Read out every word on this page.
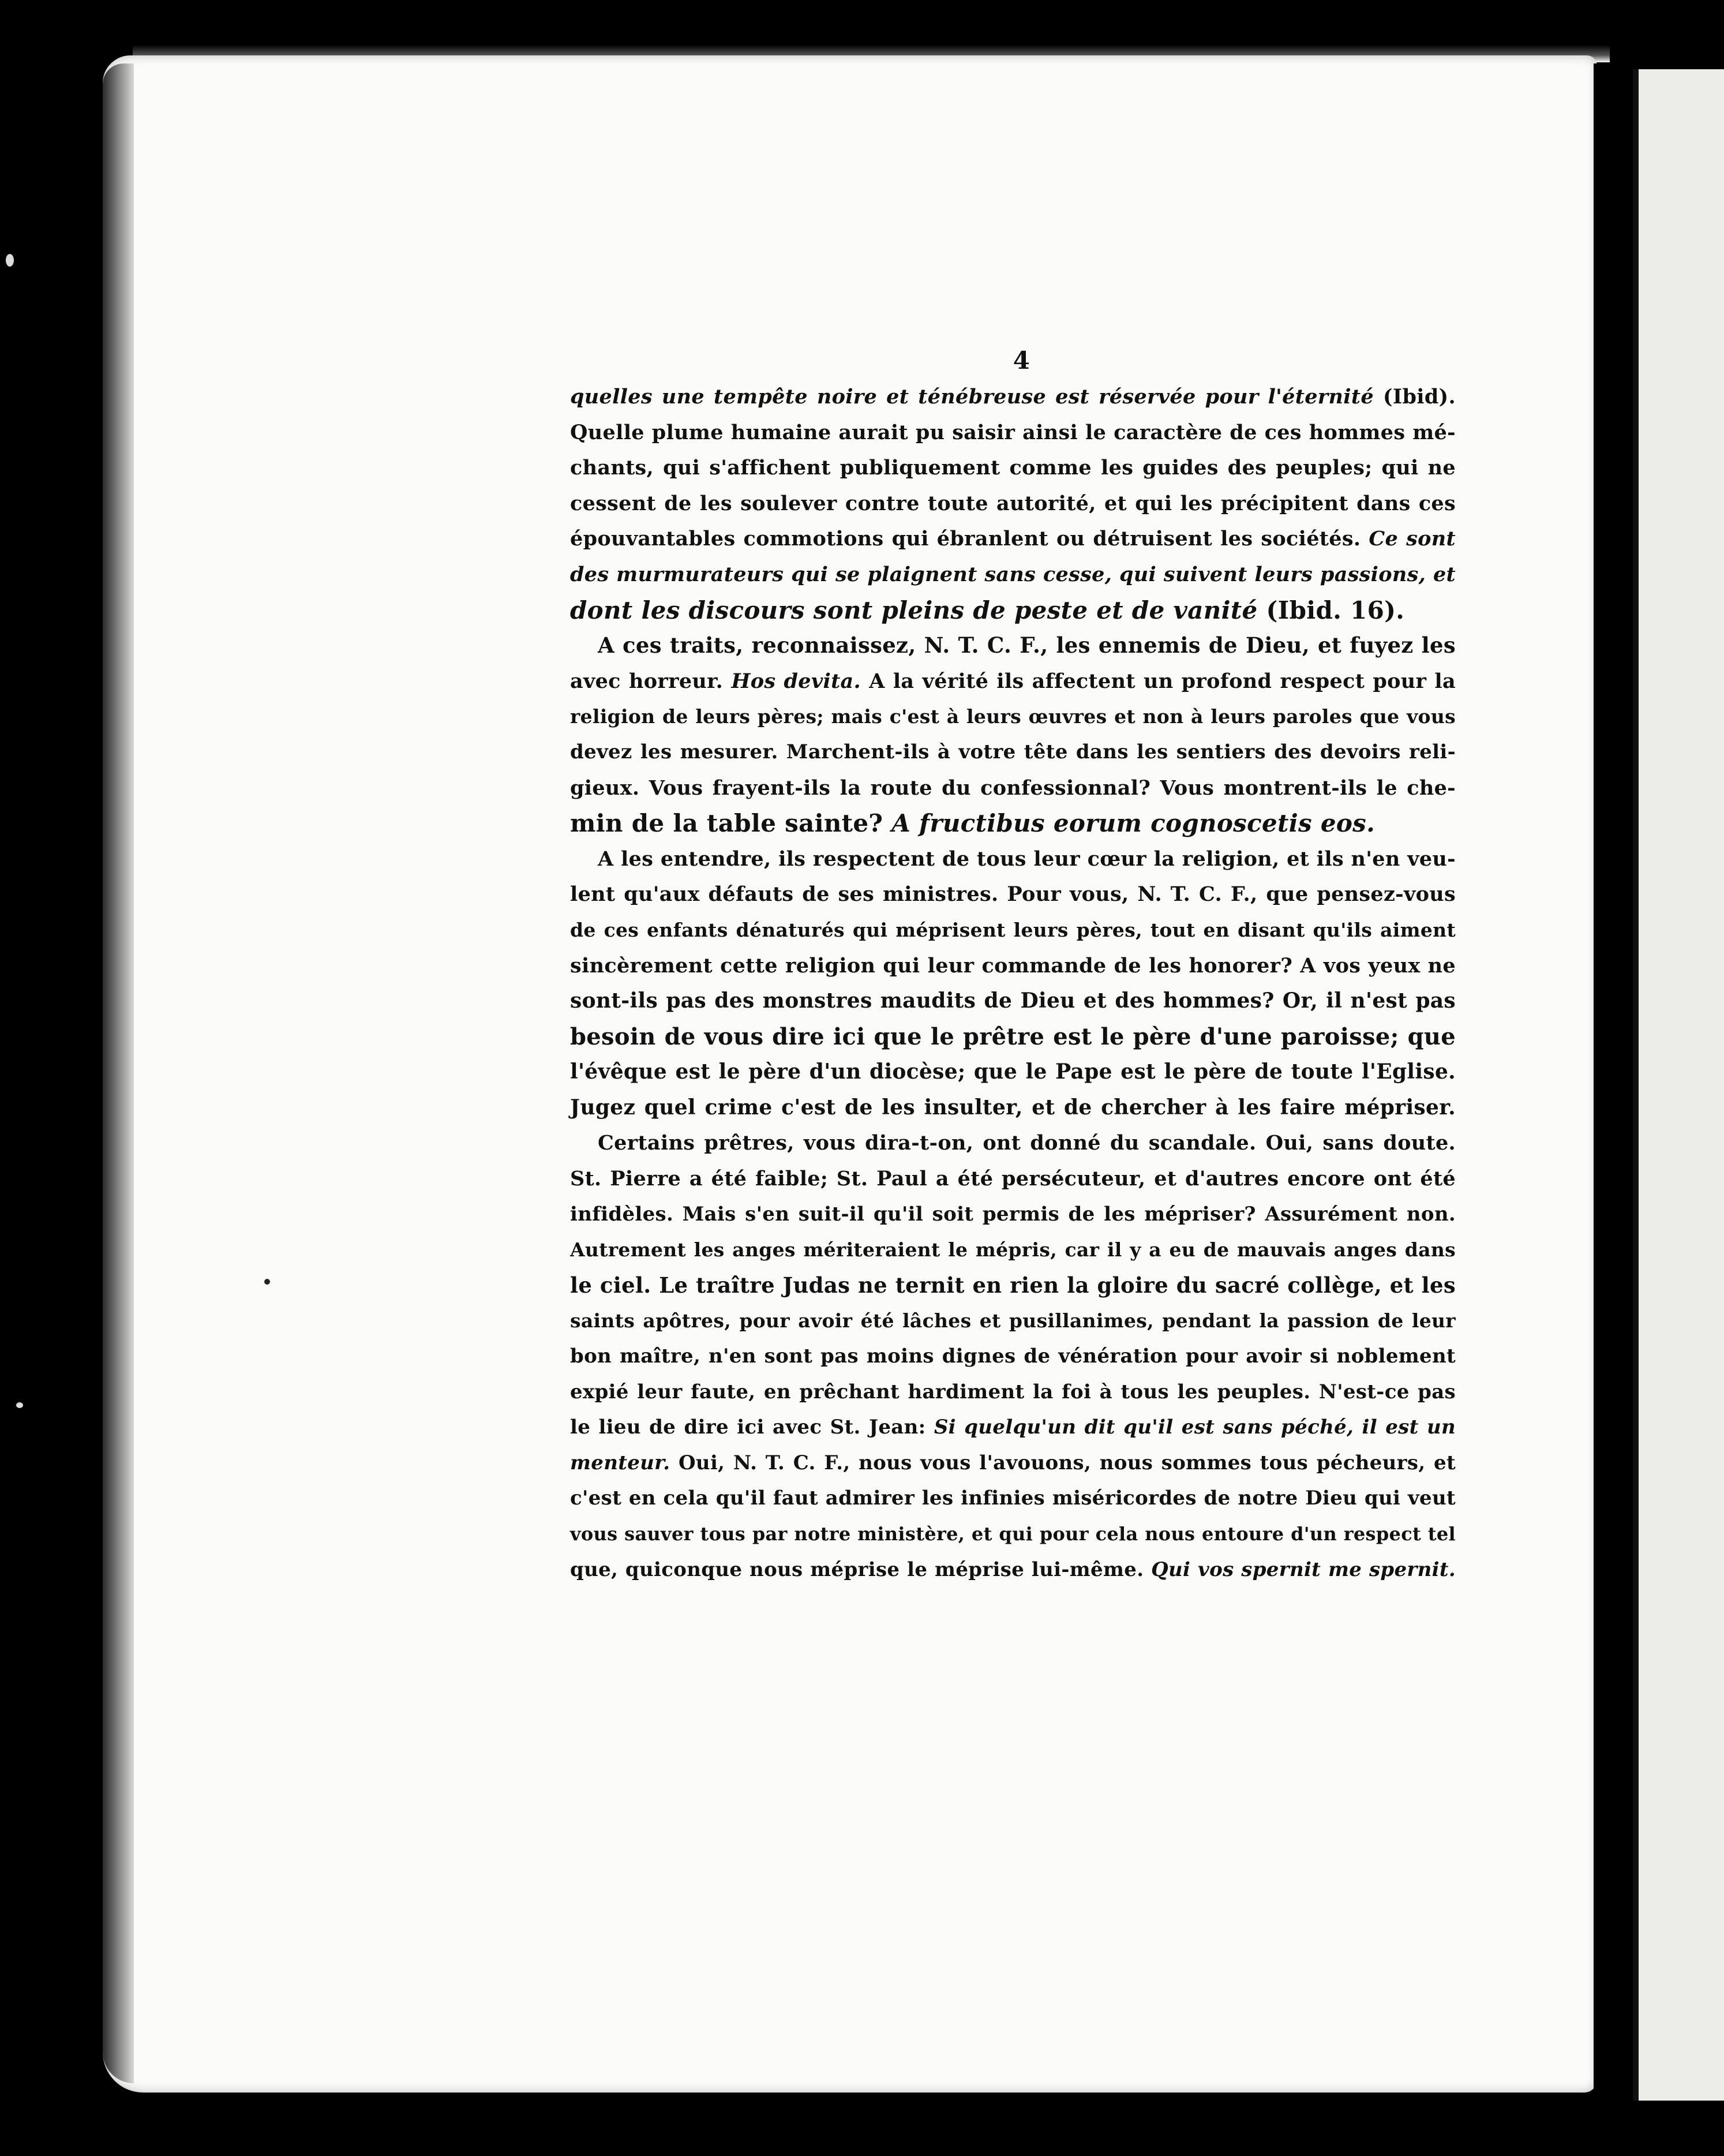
4
quelles une tempête noire et ténébreuse est réservée pour l'éternité (Ibid).
Quelle plume humaine aurait pu saisir ainsi le caractère de ces hommes mé-
chants, qui s'affichent publiquement comme les guides des peuples; qui ne
cessent de les soulever contre toute autorité, et qui les précipitent dans ces
épouvantables commotions qui ébranlent ou détruisent les sociétés. Ce sont
des murmurateurs qui se plaignent sans cesse, qui suivent leurs passions, et
dont les discours sont pleins de peste et de vanité (Ibid. 16).
A ces traits, reconnaissez, N. T. C. F., les ennemis de Dieu, et fuyez les
avec horreur. Hos devita. A la vérité ils affectent un profond respect pour la
religion de leurs pères; mais c'est à leurs œuvres et non à leurs paroles que vous
devez les mesurer. Marchent-ils à votre tête dans les sentiers des devoirs reli-
gieux. Vous frayent-ils la route du confessionnal? Vous montrent-ils le che-
min de la table sainte? A fructibus eorum cognoscetis eos.
A les entendre, ils respectent de tous leur cœur la religion, et ils n'en veu-
lent qu'aux défauts de ses ministres. Pour vous, N. T. C. F., que pensez-vous
de ces enfants dénaturés qui méprisent leurs pères, tout en disant qu'ils aiment
sincèrement cette religion qui leur commande de les honorer? A vos yeux ne
sont-ils pas des monstres maudits de Dieu et des hommes? Or, il n'est pas
besoin de vous dire ici que le prêtre est le père d'une paroisse; que
l'évêque est le père d'un diocèse; que le Pape est le père de toute l'Eglise.
Jugez quel crime c'est de les insulter, et de chercher à les faire mépriser.
Certains prêtres, vous dira-t-on, ont donné du scandale. Oui, sans doute.
St. Pierre a été faible; St. Paul a été persécuteur, et d'autres encore ont été
infidèles. Mais s'en suit-il qu'il soit permis de les mépriser? Assurément non.
Autrement les anges mériteraient le mépris, car il y a eu de mauvais anges dans
le ciel. Le traître Judas ne ternit en rien la gloire du sacré collège, et les
saints apôtres, pour avoir été lâches et pusillanimes, pendant la passion de leur
bon maître, n'en sont pas moins dignes de vénération pour avoir si noblement
expié leur faute, en prêchant hardiment la foi à tous les peuples. N'est-ce pas
le lieu de dire ici avec St. Jean: Si quelqu'un dit qu'il est sans péché, il est un
menteur. Oui, N. T. C. F., nous vous l'avouons, nous sommes tous pécheurs, et
c'est en cela qu'il faut admirer les infinies miséricordes de notre Dieu qui veut
vous sauver tous par notre ministère, et qui pour cela nous entoure d'un respect tel
que, quiconque nous méprise le méprise lui-même. Qui vos spernit me spernit.
